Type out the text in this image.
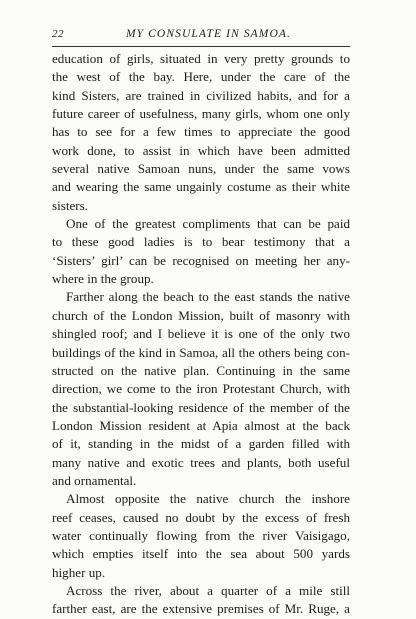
22	MY CONSULATE IN SAMOA.
education of girls, situated in very pretty grounds to
the west of the bay. Here, under the care of the
kind Sisters, are trained in civilized habits, and for a
future career of usefulness, many girls, whom one only
has to see for a few times to appreciate the good
work done, to assist in which have been admitted
several native Samoan nuns, under the same vows
and wearing the same ungainly costume as their white
sisters.
One of the greatest compliments that can be paid
to these good ladies is to bear testimony that a
‘Sisters’ girl’ can be recognised on meeting her any-
where in the group.
Farther along the beach to the east stands the native
church of the London Mission, built of masonry with
shingled roof; and I believe it is one of the only two
buildings of the kind in Samoa, all the others being con-
structed on the native plan. Continuing in the same
direction, we come to the iron Protestant Church, with
the substantial-looking residence of the member of the
London Mission resident at Apia almost at the back
of it, standing in the midst of a garden filled with
many native and exotic trees and plants, both useful
and ornamental.
Almost opposite the native church the inshore
reef ceases, caused no doubt by the excess of fresh
water continually flowing from the river Vaisigago,
which empties itself into the sea about 500 yards
higher up.
Across the river, about a quarter of a mile still
farther east, are the extensive premises of Mr. Ruge, a
